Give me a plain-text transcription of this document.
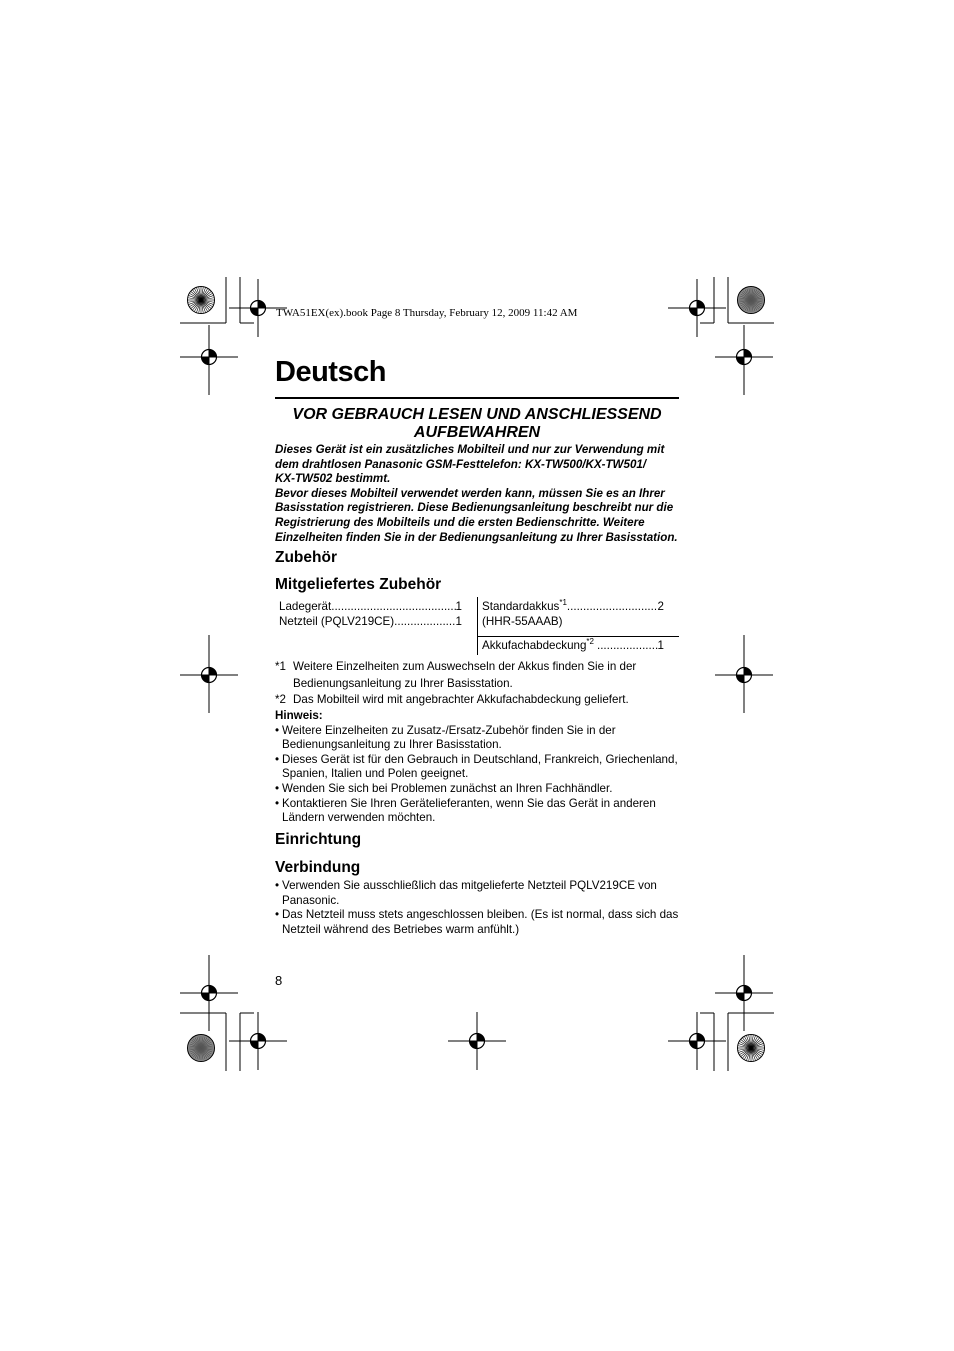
TWA51EX(ex).book Page 8 Thursday, February 12, 2009 11:42 AM
Deutsch
VOR GEBRAUCH LESEN UND ANSCHLIESSEND
AUFBEWAHREN

Dieses Gerät ist ein zusätzliches Mobilteil und nur zur Verwendung mit
dem drahtlosen Panasonic GSM-Festtelefon: KX-TW500/KX-TW501/
KX-TW502 bestimmt.

Bevor dieses Mobilteil verwendet werden kann, müssen Sie es an Ihrer
Basisstation registrieren. Diese Bedienungsanleitung beschreibt nur die
Registrierung des Mobilteils und die ersten Bedienschritte. Weitere
Einzelheiten finden Sie in der Bedienungsanleitung zu Ihrer Basisstation.

Zubehör
Mitgeliefertes Zubehör
Ladegerät .....	1
Netzteil (PQLV219CE) .....	1
Standardakkus$^{*1}$ .....	2
(HHR-55AAAB)
Akkufachabdeckung$^{*2}$ .....	1
*1 Weitere Einzelheiten zum Auswechseln der Akkus finden Sie in der
Bedienungsanleitung zu Ihrer Basisstation.
*2 Das Mobilteil wird mit angebrachter Akkufachabdeckung geliefert.
Hinweis:
• Weitere Einzelheiten zu Zusatz-/Ersatz-Zubehör finden Sie in der
Bedienungsanleitung zu Ihrer Basisstation.
• Dieses Gerät ist für den Gebrauch in Deutschland, Frankreich, Griechenland,
Spanien, Italien und Polen geeignet.
• Wenden Sie sich bei Problemen zunächst an Ihren Fachhändler.
• Kontaktieren Sie Ihren Gerätelieferanten, wenn Sie das Gerät in anderen
Ländern verwenden möchten.
Einrichtung
Verbindung
• Verwenden Sie ausschließlich das mitgelieferte Netzteil PQLV219CE von
Panasonic.
• Das Netzteil muss stets angeschlossen bleiben. (Es ist normal, dass sich das
Netzteil während des Betriebes warm anfühlt.)
8
